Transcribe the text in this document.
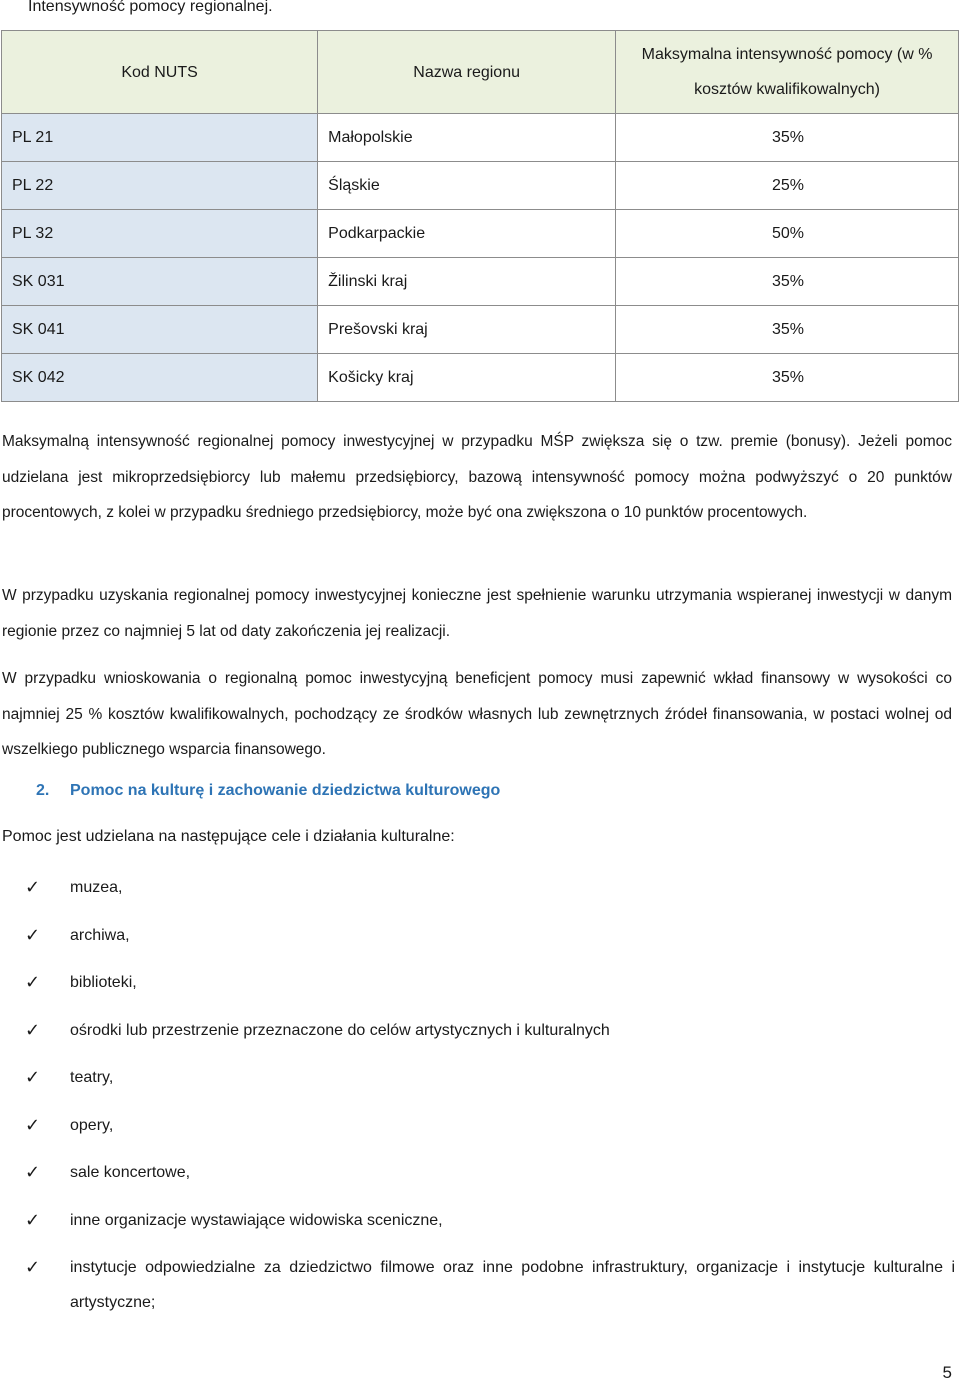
Intensywność pomocy regionalnej.
Kod NUTS	Nazwa regionu	Maksymalna intensywność pomocy (w % kosztów kwalifikowalnych)
PL 21	Małopolskie	35%
PL 22	Śląskie	25%
PL 32	Podkarpackie	50%
SK 031	Žilinski kraj	35%
SK 041	Prešovski kraj	35%
SK 042	Košicky kraj	35%

Maksymalną intensywność regionalnej pomocy inwestycyjnej w przypadku MŚP zwiększa się o tzw. premie (bonusy). Jeżeli pomoc udzielana jest mikroprzedsiębiorcy lub małemu przedsiębiorcy, bazową intensywność pomocy można podwyższyć o 20 punktów procentowych, z kolei w przypadku średniego przedsiębiorcy, może być ona zwiększona o 10 punktów procentowych.

W przypadku uzyskania regionalnej pomocy inwestycyjnej konieczne jest spełnienie warunku utrzymania wspieranej inwestycji w danym regionie przez co najmniej 5 lat od daty zakończenia jej realizacji.

W przypadku wnioskowania o regionalną pomoc inwestycyjną beneficjent pomocy musi zapewnić wkład finansowy w wysokości co najmniej 25 % kosztów kwalifikowalnych, pochodzący ze środków własnych lub zewnętrznych źródeł finansowania, w postaci wolnej od wszelkiego publicznego wsparcia finansowego.

2. Pomoc na kulturę i zachowanie dziedzictwa kulturowego
Pomoc jest udzielana na następujące cele i działania kulturalne:
✓ muzea,
✓ archiwa,
✓ biblioteki,
✓ ośrodki lub przestrzenie przeznaczone do celów artystycznych i kulturalnych
✓ teatry,
✓ opery,
✓ sale koncertowe,
✓ inne organizacje wystawiające widowiska sceniczne,
✓ instytucje odpowiedzialne za dziedzictwo filmowe oraz inne podobne infrastruktury, organizacje i instytucje kulturalne i artystyczne;
5
